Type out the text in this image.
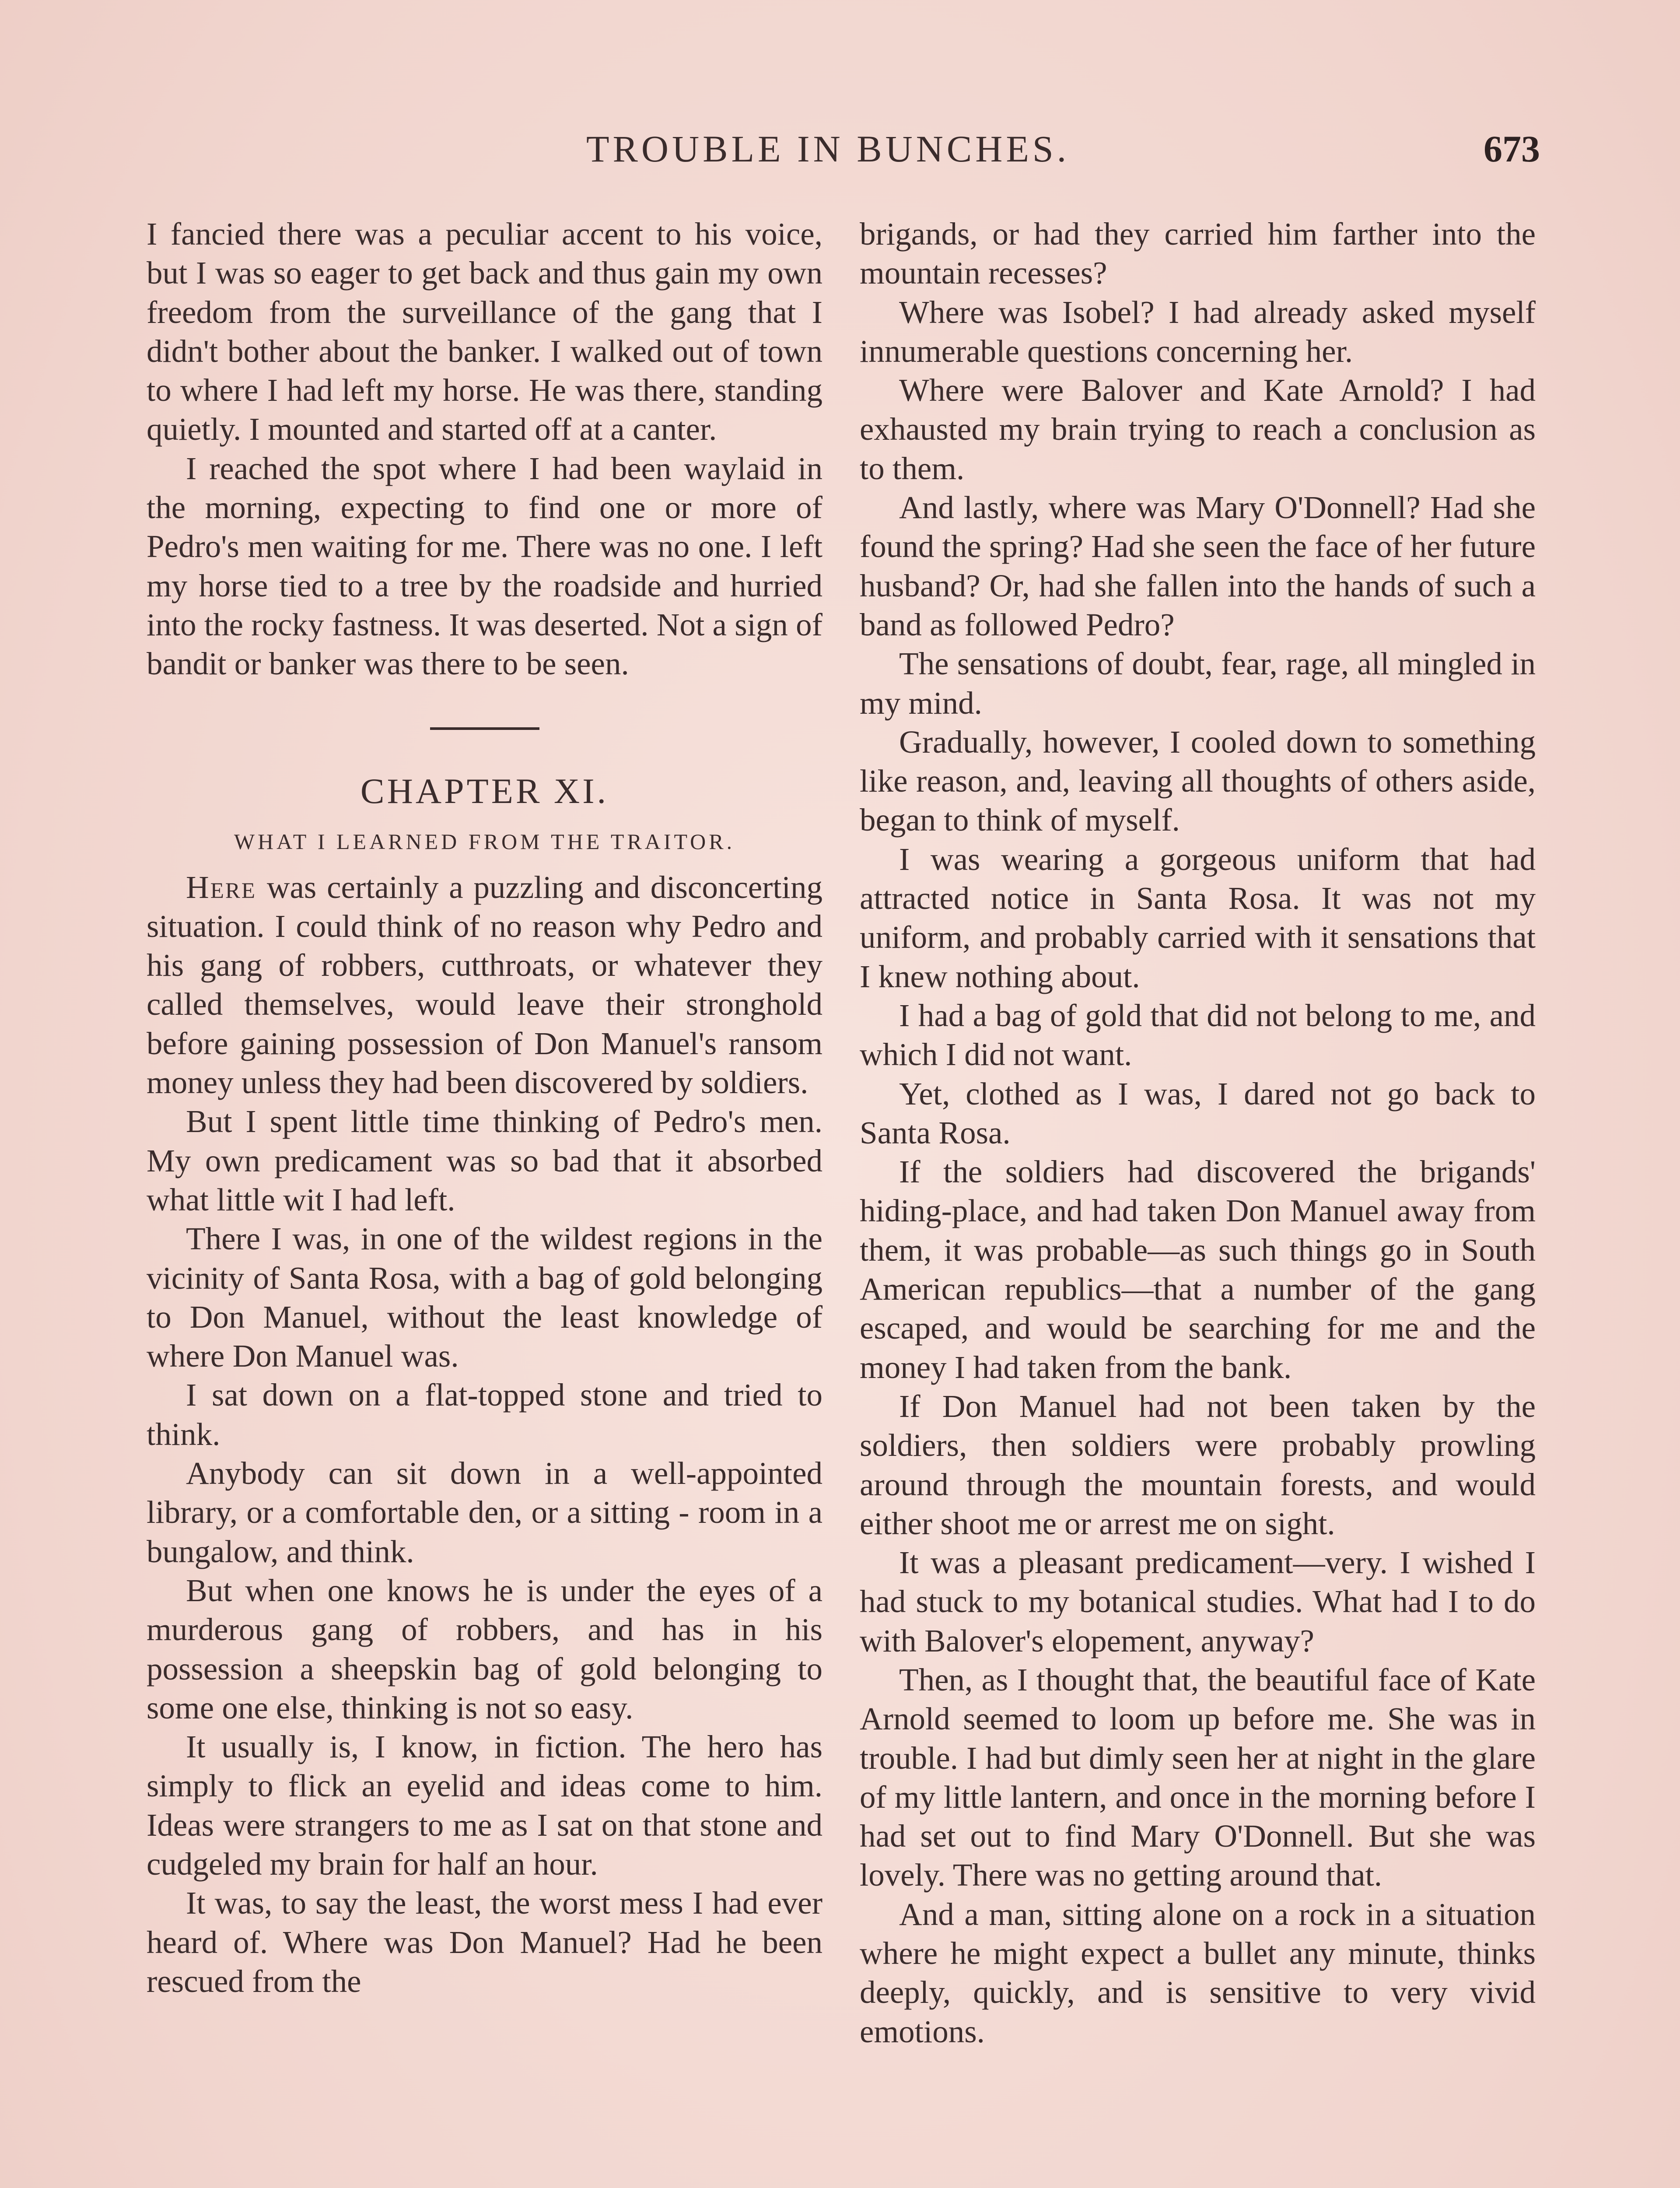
TROUBLE IN BUNCHES.	673

I fancied there was a peculiar accent to his voice, but I was so eager to get back and thus gain my own freedom from the surveillance of the gang that I didn't bother about the banker. I walked out of town to where I had left my horse. He was there, standing quietly. I mounted and started off at a canter.

I reached the spot where I had been waylaid in the morning, expecting to find one or more of Pedro's men waiting for me. There was no one. I left my horse tied to a tree by the roadside and hurried into the rocky fastness. It was deserted. Not a sign of bandit or banker was there to be seen.

CHAPTER XI.
WHAT I LEARNED FROM THE TRAITOR.

Here was certainly a puzzling and disconcerting situation. I could think of no reason why Pedro and his gang of robbers, cutthroats, or whatever they called themselves, would leave their stronghold before gaining possession of Don Manuel's ransom money unless they had been discovered by soldiers.

But I spent little time thinking of Pedro's men. My own predicament was so bad that it absorbed what little wit I had left.

There I was, in one of the wildest regions in the vicinity of Santa Rosa, with a bag of gold belonging to Don Manuel, without the least knowledge of where Don Manuel was.

I sat down on a flat-topped stone and tried to think.

Anybody can sit down in a well-appointed library, or a comfortable den, or a sitting - room in a bungalow, and think.

But when one knows he is under the eyes of a murderous gang of robbers, and has in his possession a sheepskin bag of gold belonging to some one else, thinking is not so easy.

It usually is, I know, in fiction. The hero has simply to flick an eyelid and ideas come to him. Ideas were strangers to me as I sat on that stone and cudgeled my brain for half an hour.

It was, to say the least, the worst mess I had ever heard of. Where was Don Manuel? Had he been rescued from the

brigands, or had they carried him farther into the mountain recesses?

Where was Isobel? I had already asked myself innumerable questions concerning her.

Where were Balover and Kate Arnold? I had exhausted my brain trying to reach a conclusion as to them.

And lastly, where was Mary O'Donnell? Had she found the spring? Had she seen the face of her future husband? Or, had she fallen into the hands of such a band as followed Pedro?

The sensations of doubt, fear, rage, all mingled in my mind.

Gradually, however, I cooled down to something like reason, and, leaving all thoughts of others aside, began to think of myself.

I was wearing a gorgeous uniform that had attracted notice in Santa Rosa. It was not my uniform, and probably carried with it sensations that I knew nothing about.

I had a bag of gold that did not belong to me, and which I did not want.

Yet, clothed as I was, I dared not go back to Santa Rosa.

If the soldiers had discovered the brigands' hiding-place, and had taken Don Manuel away from them, it was probable—as such things go in South American republics—that a number of the gang escaped, and would be searching for me and the money I had taken from the bank.

If Don Manuel had not been taken by the soldiers, then soldiers were probably prowling around through the mountain forests, and would either shoot me or arrest me on sight.

It was a pleasant predicament—very. I wished I had stuck to my botanical studies. What had I to do with Balover's elopement, anyway?

Then, as I thought that, the beautiful face of Kate Arnold seemed to loom up before me. She was in trouble. I had but dimly seen her at night in the glare of my little lantern, and once in the morning before I had set out to find Mary O'Donnell. But she was lovely. There was no getting around that.

And a man, sitting alone on a rock in a situation where he might expect a bullet any minute, thinks deeply, quickly, and is sensitive to very vivid emotions.
